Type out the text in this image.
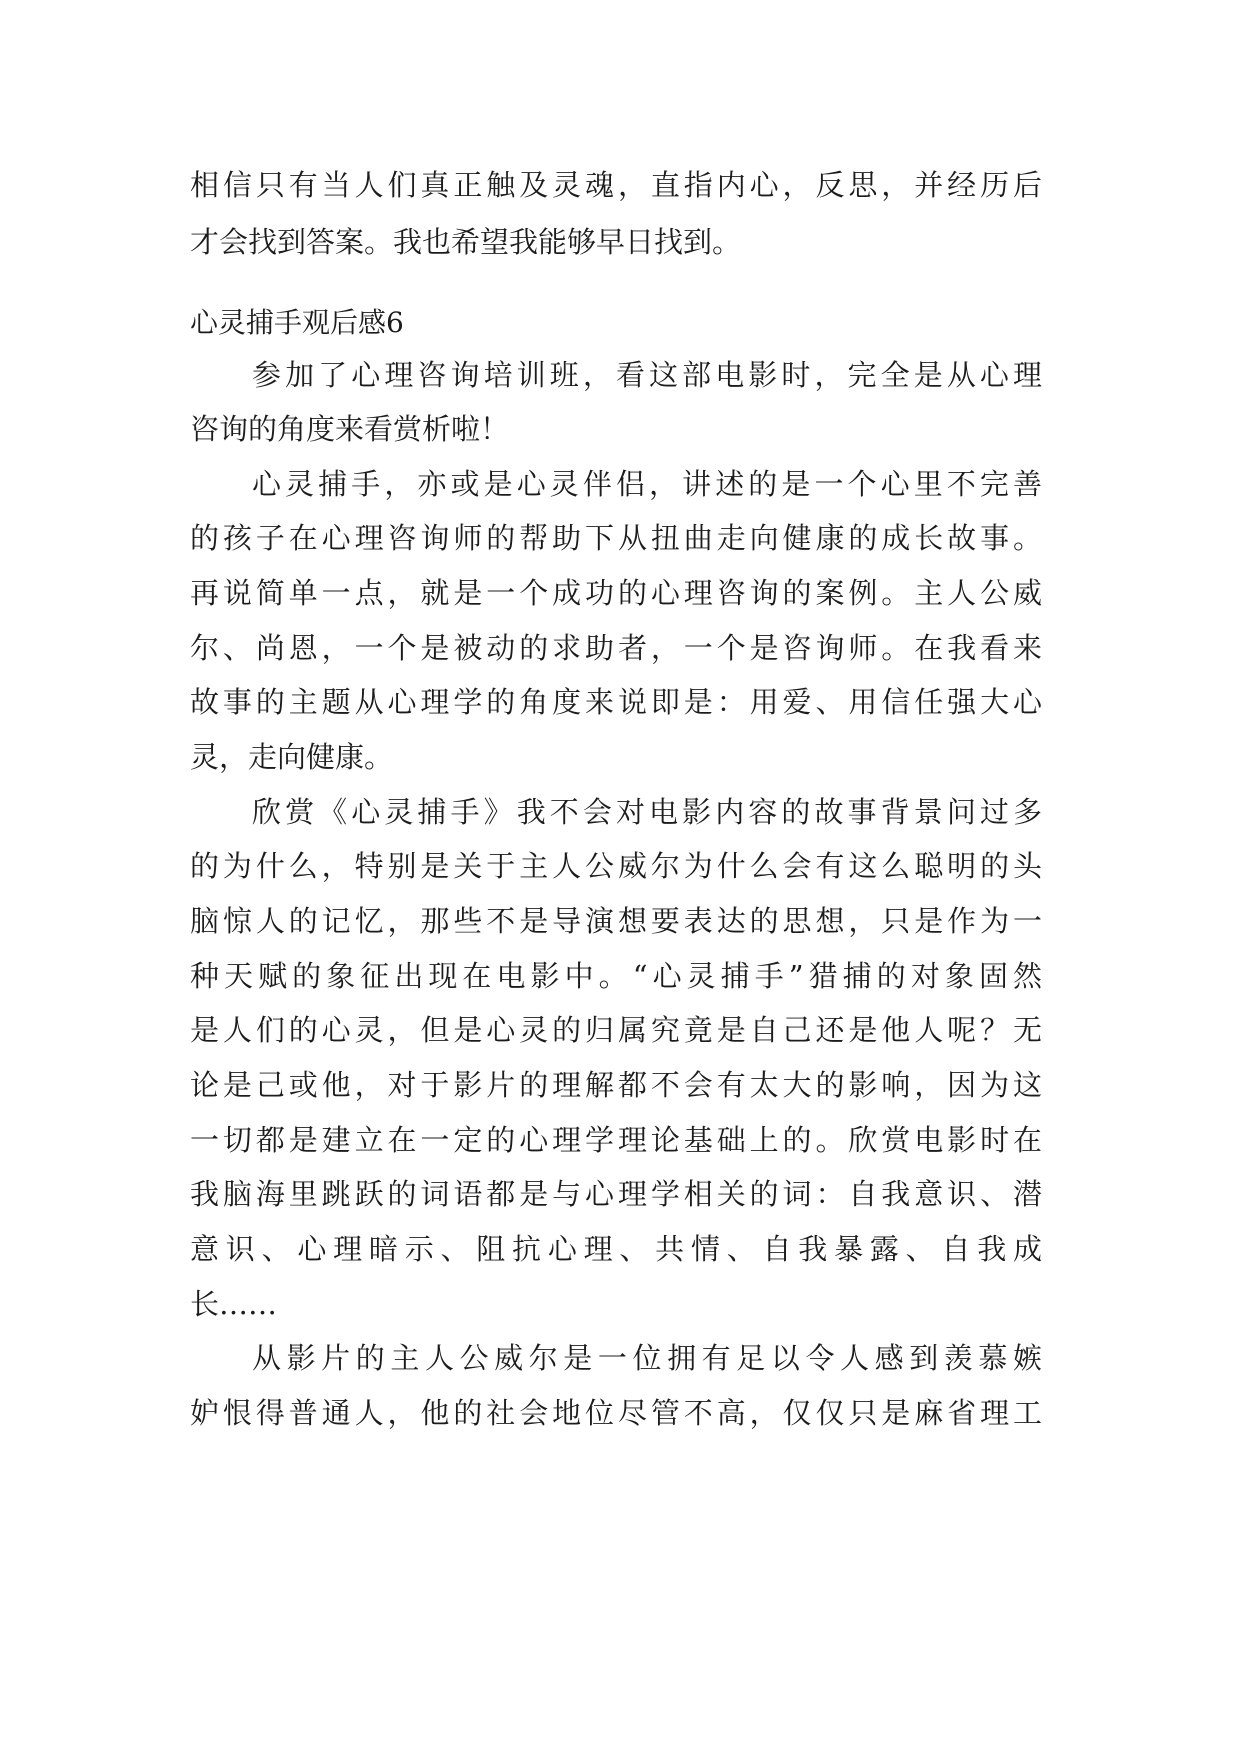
相信只有当人们真正触及灵魂，直指内心，反思，并经历后
才会找到答案。我也希望我能够早日找到。
心灵捕手观后感6
参加了心理咨询培训班，看这部电影时，完全是从心理
咨询的角度来看赏析啦！
心灵捕手，亦或是心灵伴侣，讲述的是一个心里不完善
的孩子在心理咨询师的帮助下从扭曲走向健康的成长故事。
再说简单一点，就是一个成功的心理咨询的案例。主人公威
尔、尚恩，一个是被动的求助者，一个是咨询师。在我看来
故事的主题从心理学的角度来说即是：用爱、用信任强大心
灵，走向健康。
欣赏《心灵捕手》我不会对电影内容的故事背景问过多
的为什么，特别是关于主人公威尔为什么会有这么聪明的头
脑惊人的记忆，那些不是导演想要表达的思想，只是作为一
种天赋的象征出现在电影中。“心灵捕手”猎捕的对象固然
是人们的心灵，但是心灵的归属究竟是自己还是他人呢？无
论是己或他，对于影片的理解都不会有太大的影响，因为这
一切都是建立在一定的心理学理论基础上的。欣赏电影时在
我脑海里跳跃的词语都是与心理学相关的词：自我意识、潜
意识、心理暗示、阻抗心理、共情、自我暴露、自我成
长……
从影片的主人公威尔是一位拥有足以令人感到羡慕嫉
妒恨得普通人，他的社会地位尽管不高，仅仅只是麻省理工
